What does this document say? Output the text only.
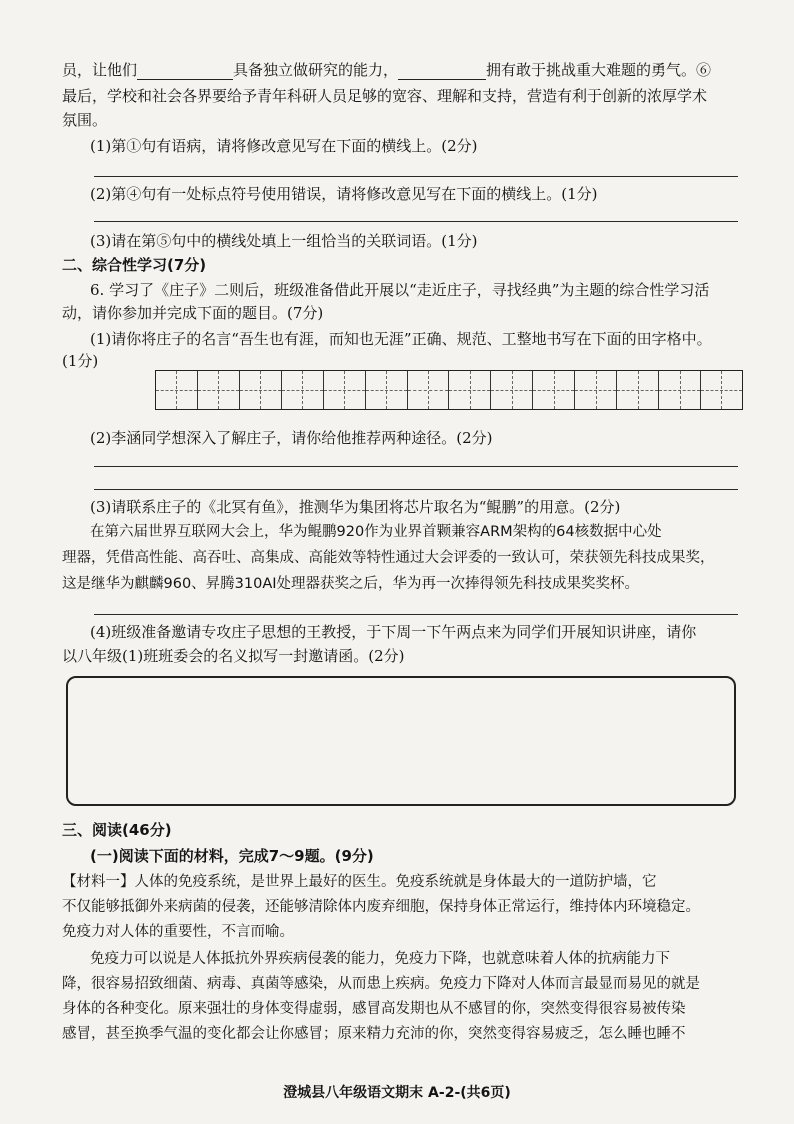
员，让他们	具备独立做研究的能力，	拥有敢于挑战重大难题的勇气。⑥
最后，学校和社会各界要给予青年科研人员足够的宽容、理解和支持，营造有利于创新的浓厚学术
氛围。
(1)第①句有语病，请将修改意见写在下面的横线上。(2分)
(2)第④句有一处标点符号使用错误，请将修改意见写在下面的横线上。(1分)
(3)请在第⑤句中的横线处填上一组恰当的关联词语。(1分)
二、综合性学习(7分)
6. 学习了《庄子》二则后，班级准备借此开展以“走近庄子，寻找经典”为主题的综合性学习活
动，请你参加并完成下面的题目。(7分)
(1)请你将庄子的名言“吾生也有涯，而知也无涯”正确、规范、工整地书写在下面的田字格中。
(1分)
(2)李涵同学想深入了解庄子，请你给他推荐两种途径。(2分)
(3)请联系庄子的《北冥有鱼》，推测华为集团将芯片取名为“鲲鹏”的用意。(2分)
在第六届世界互联网大会上，华为鲲鹏920作为业界首颗兼容ARM架构的64核数据中心处
理器，凭借高性能、高吞吐、高集成、高能效等特性通过大会评委的一致认可，荣获领先科技成果奖，
这是继华为麒麟960、昇腾310AI处理器获奖之后，华为再一次捧得领先科技成果奖奖杯。
(4)班级准备邀请专攻庄子思想的王教授，于下周一下午两点来为同学们开展知识讲座，请你
以八年级(1)班班委会的名义拟写一封邀请函。(2分)
三、阅读(46分)
(一)阅读下面的材料，完成7～9题。(9分)
【材料一】人体的免疫系统，是世界上最好的医生。免疫系统就是身体最大的一道防护墙，它
不仅能够抵御外来病菌的侵袭，还能够清除体内废弃细胞，保持身体正常运行，维持体内环境稳定。
免疫力对人体的重要性，不言而喻。
免疫力可以说是人体抵抗外界疾病侵袭的能力，免疫力下降，也就意味着人体的抗病能力下
降，很容易招致细菌、病毒、真菌等感染，从而患上疾病。免疫力下降对人体而言最显而易见的就是
身体的各种变化。原来强壮的身体变得虚弱，感冒高发期也从不感冒的你，突然变得很容易被传染
感冒，甚至换季气温的变化都会让你感冒；原来精力充沛的你，突然变得容易疲乏，怎么睡也睡不
澄城县八年级语文期末 A-2-(共6页)
